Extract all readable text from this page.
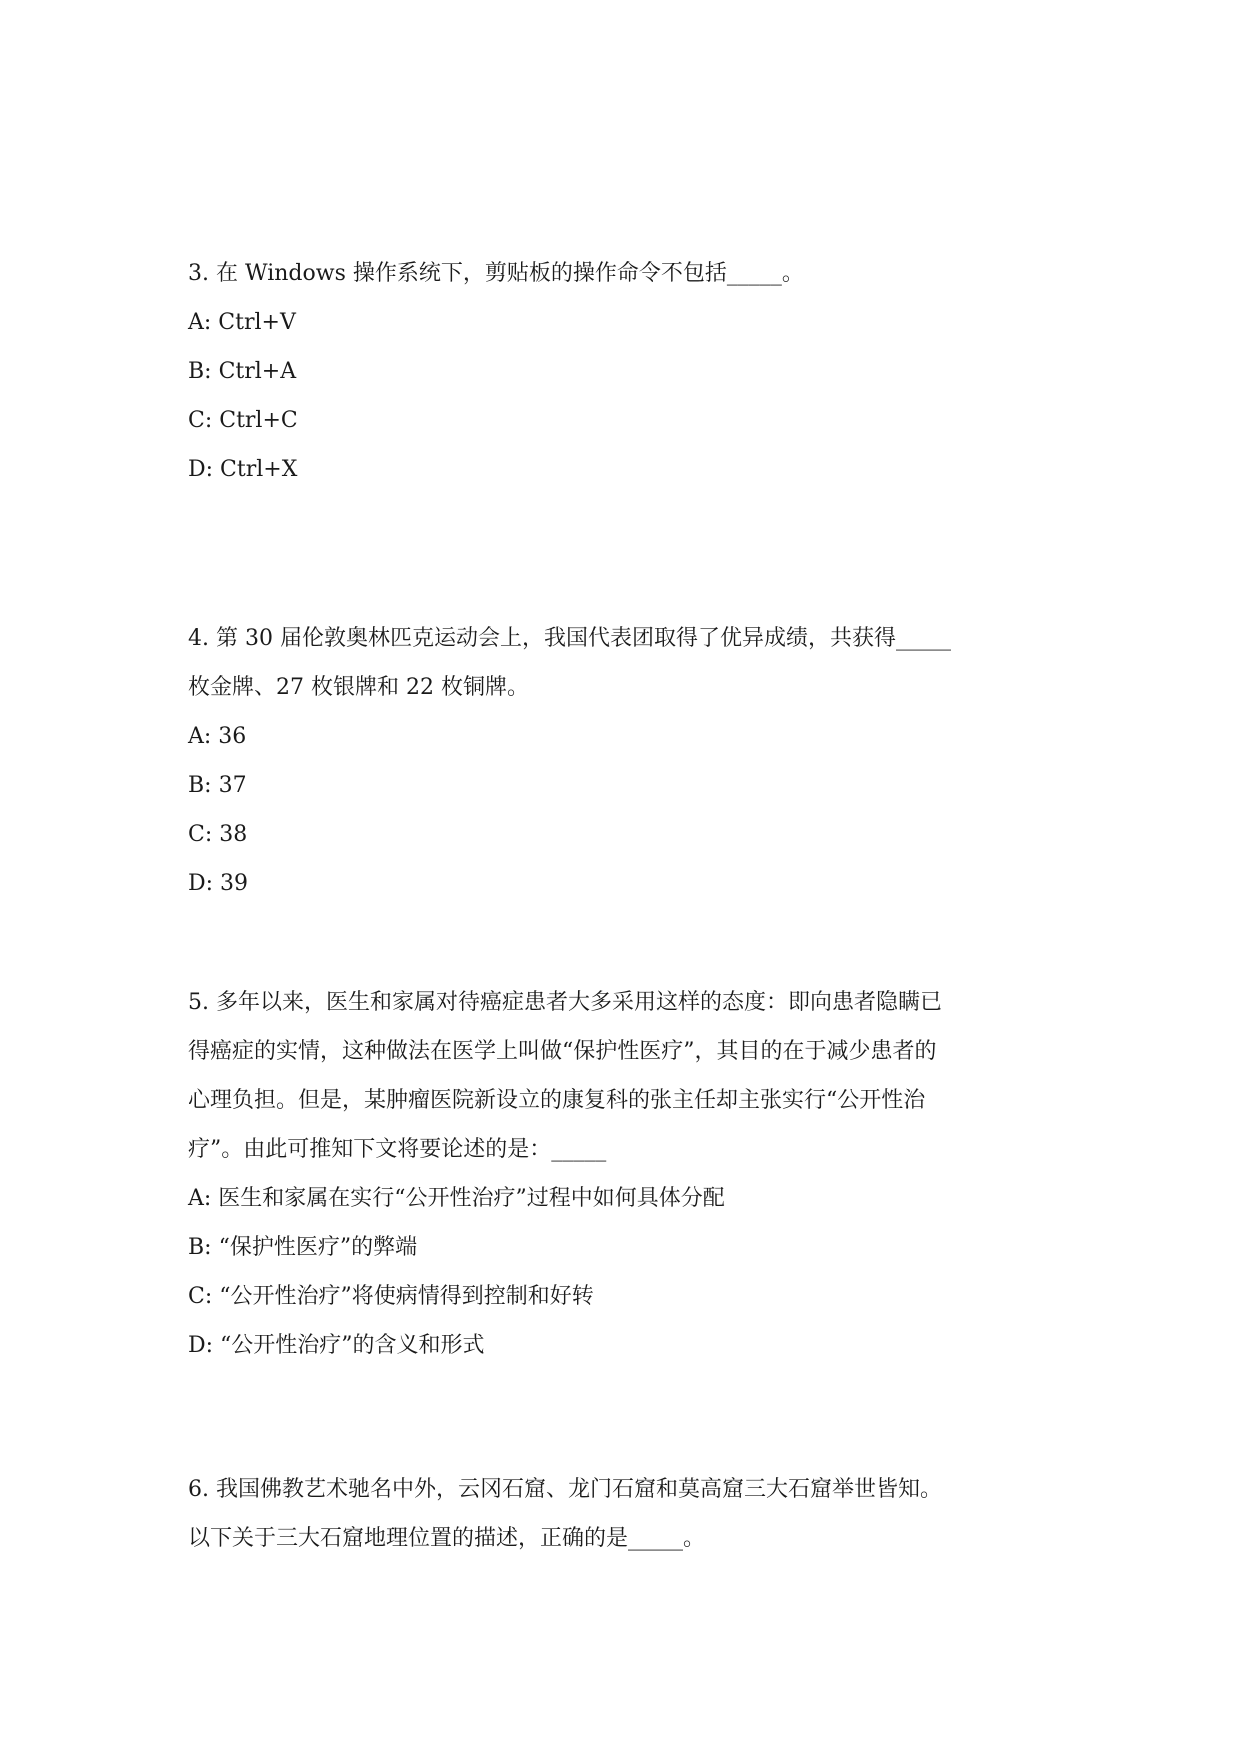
3. 在 Windows 操作系统下，剪贴板的操作命令不包括_____。

A: Ctrl+V

B: Ctrl+A

C: Ctrl+C

D: Ctrl+X

4. 第 30 届伦敦奥林匹克运动会上，我国代表团取得了优异成绩，共获得_____

枚金牌、27 枚银牌和 22 枚铜牌。

A: 36

B: 37

C: 38

D: 39

5. 多年以来，医生和家属对待癌症患者大多采用这样的态度：即向患者隐瞒已

得癌症的实情，这种做法在医学上叫做“保护性医疗”，其目的在于减少患者的

心理负担。但是，某肿瘤医院新设立的康复科的张主任却主张实行“公开性治

疗”。由此可推知下文将要论述的是：_____

A: 医生和家属在实行“公开性治疗”过程中如何具体分配

B: “保护性医疗”的弊端

C: “公开性治疗”将使病情得到控制和好转

D: “公开性治疗”的含义和形式

6. 我国佛教艺术驰名中外，云冈石窟、龙门石窟和莫高窟三大石窟举世皆知。

以下关于三大石窟地理位置的描述，正确的是_____。
